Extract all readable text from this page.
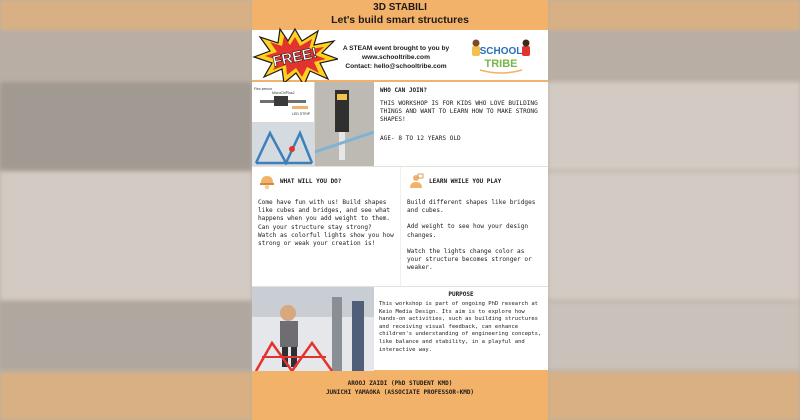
3D STABILI
Let's build smart structures
FREE!	A STEAM event brought to you by
www.schooltribe.com
Contact: hello@schooltribe.com
SCHOOL
TRIBE
Flex sensor
MicroChiPlus2
LED STRIP
WHO CAN JOIN?
THIS WORKSHOP IS FOR KIDS WHO LOVE BUILDING THINGS AND WANT TO LEARN HOW TO MAKE STRONG SHAPES!
AGE- 8 TO 12 YEARS OLD
WHAT WILL YOU DO?
Come have fun with us! Build shapes like cubes and bridges, and see what happens when you add weight to them. Can your structure stay strong?
Watch as colorful lights show you how strong or weak your creation is!
LEARN WHILE YOU PLAY
Build different shapes like bridges and cubes.
Add weight to see how your design changes.
Watch the lights change color as your structure becomes stronger or weaker.
PURPOSE
This workshop is part of ongoing PhD research at Keio Media Design. Its aim is to explore how hands-on activities, such as building structures and receiving visual feedback, can enhance children's understanding of engineering concepts, like balance and stability, in a playful and interactive way.
AROOJ ZAIDI (PhD STUDENT KMD)
JUNICHI YAMAOKA (ASSOCIATE PROFESSOR-KMD)
